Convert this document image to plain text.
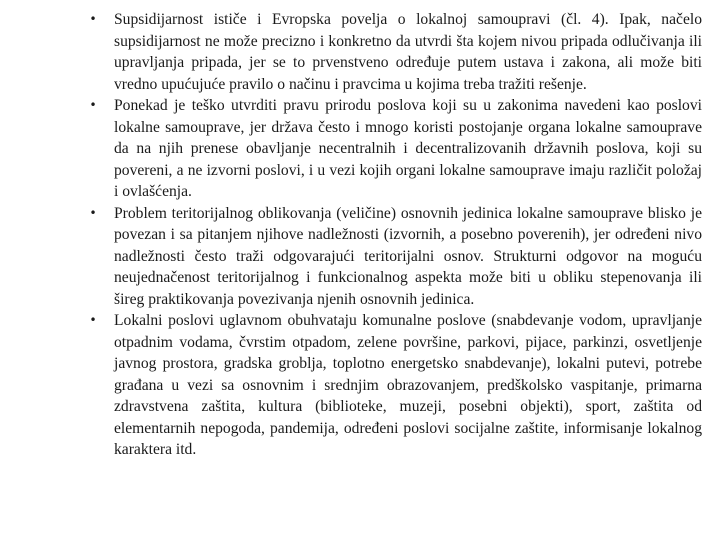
• Supsidijarnost ističe i Evropska povelja o lokalnoj samoupravi (čl. 4). Ipak, načelo supsidijarnost ne može precizno i konkretno da utvrdi šta kojem nivou pripada odlučivanja ili upravljanja pripada, jer se to prvenstveno određuje putem ustava i zakona, ali može biti vredno upućujuće pravilo o načinu i pravcima u kojima treba tražiti rešenje.
• Ponekad je teško utvrditi pravu prirodu poslova koji su u zakonima navedeni kao poslovi lokalne samouprave, jer država često i mnogo koristi postojanje organa lokalne samouprave da na njih prenese obavljanje necentralnih i decentralizovanih državnih poslova, koji su povereni, a ne izvorni poslovi, i u vezi kojih organi lokalne samouprave imaju različit položaj i ovlašćenja.
• Problem teritorijalnog oblikovanja (veličine) osnovnih jedinica lokalne samouprave blisko je povezan i sa pitanjem njihove nadležnosti (izvornih, a posebno poverenih), jer određeni nivo nadležnosti često traži odgovarajući teritorijalni osnov. Strukturni odgovor na moguću neujednačenost teritorijalnog i funkcionalnog aspekta može biti u obliku stepenovanja ili šireg praktikovanja povezivanja njenih osnovnih jedinica.
• Lokalni poslovi uglavnom obuhvataju komunalne poslove (snabdevanje vodom, upravljanje otpadnim vodama, čvrstim otpadom, zelene površine, parkovi, pijace, parkinzi, osvetljenje javnog prostora, gradska groblja, toplotno energetsko snabdevanje), lokalni putevi, potrebe građana u vezi sa osnovnim i srednjim obrazovanjem, predškolsko vaspitanje, primarna zdravstvena zaštita, kultura (biblioteke, muzeji, posebni objekti), sport, zaštita od elementarnih nepogoda, pandemija, određeni poslovi socijalne zaštite, informisanje lokalnog karaktera itd.
